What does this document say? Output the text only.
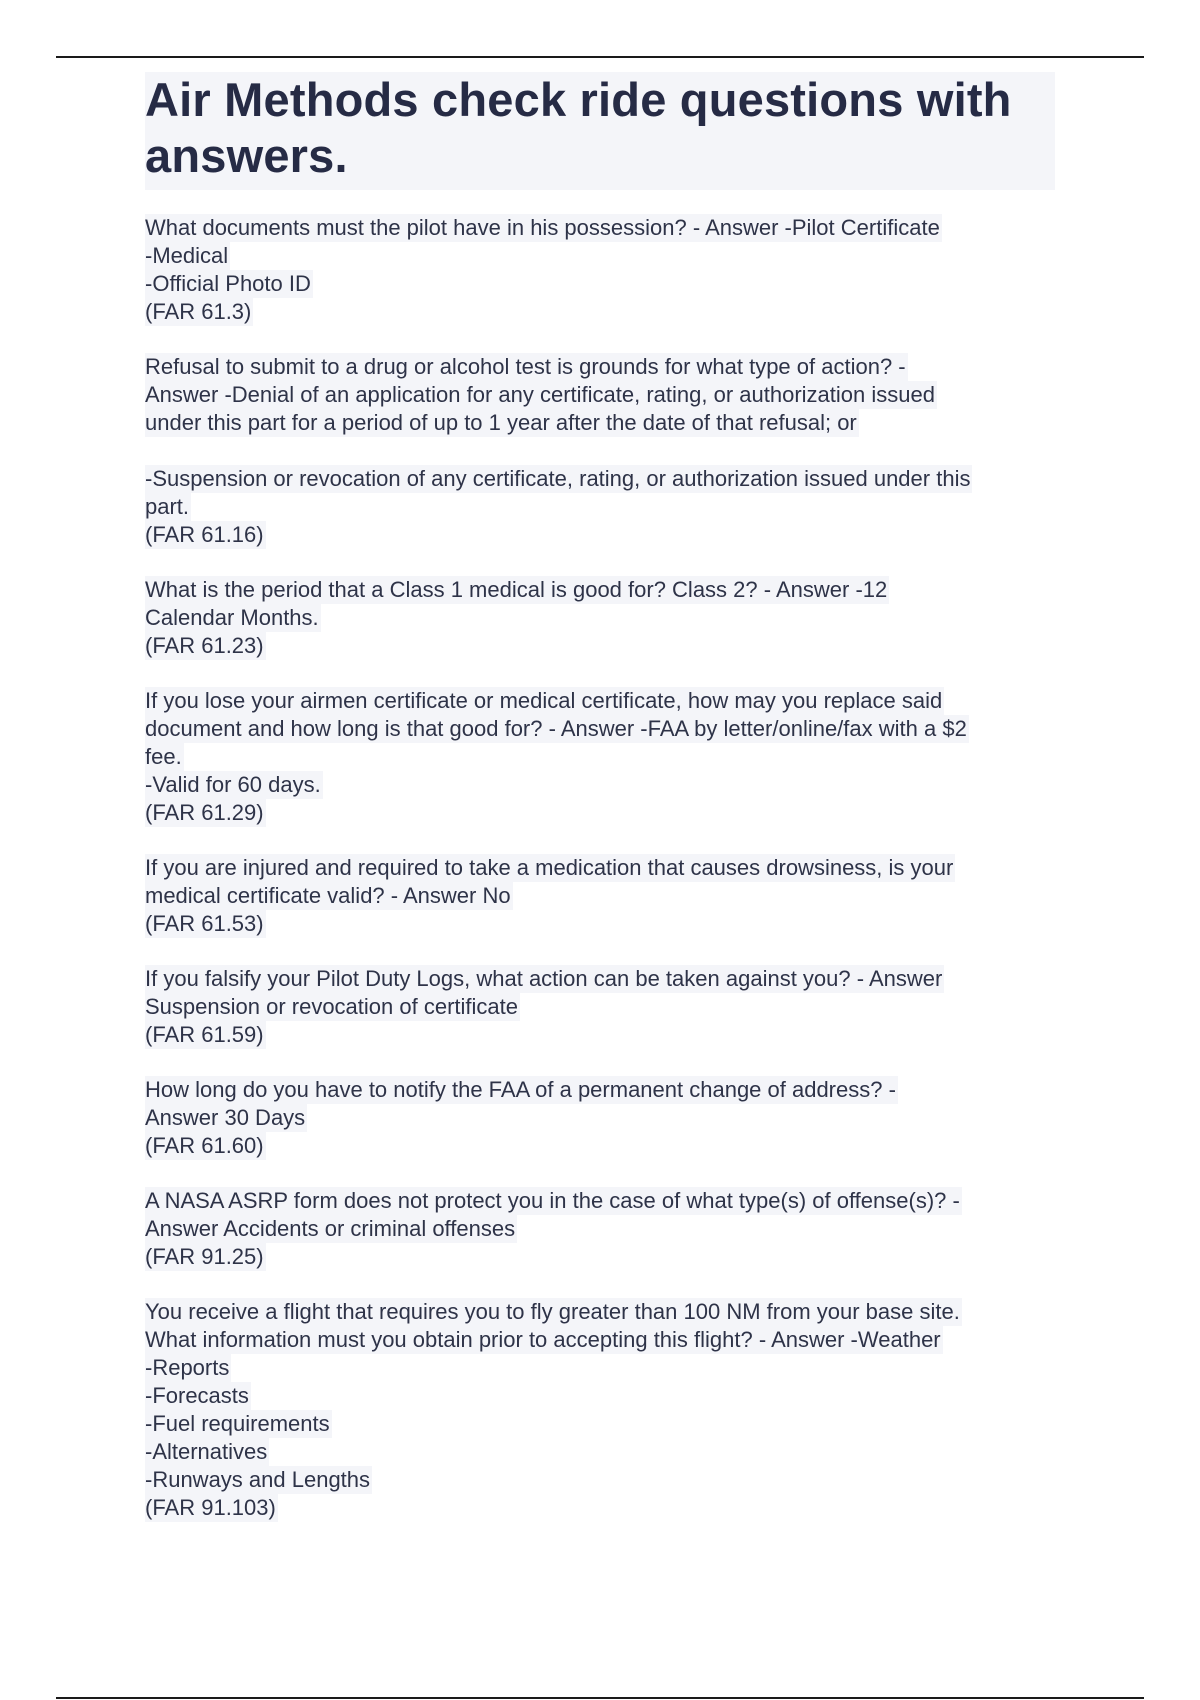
Air Methods check ride questions with
answers.
What documents must the pilot have in his possession? - Answer -Pilot Certificate
-Medical
-Official Photo ID
(FAR 61.3)
Refusal to submit to a drug or alcohol test is grounds for what type of action? -
Answer -Denial of an application for any certificate, rating, or authorization issued
under this part for a period of up to 1 year after the date of that refusal; or
-Suspension or revocation of any certificate, rating, or authorization issued under this
part.
(FAR 61.16)
What is the period that a Class 1 medical is good for? Class 2? - Answer -12
Calendar Months.
(FAR 61.23)
If you lose your airmen certificate or medical certificate, how may you replace said
document and how long is that good for? - Answer -FAA by letter/online/fax with a $2
fee.
-Valid for 60 days.
(FAR 61.29)
If you are injured and required to take a medication that causes drowsiness, is your
medical certificate valid? - Answer No
(FAR 61.53)
If you falsify your Pilot Duty Logs, what action can be taken against you? - Answer
Suspension or revocation of certificate
(FAR 61.59)
How long do you have to notify the FAA of a permanent change of address? -
Answer 30 Days
(FAR 61.60)
A NASA ASRP form does not protect you in the case of what type(s) of offense(s)? -
Answer Accidents or criminal offenses
(FAR 91.25)
You receive a flight that requires you to fly greater than 100 NM from your base site.
What information must you obtain prior to accepting this flight? - Answer -Weather
-Reports
-Forecasts
-Fuel requirements
-Alternatives
-Runways and Lengths
(FAR 91.103)
